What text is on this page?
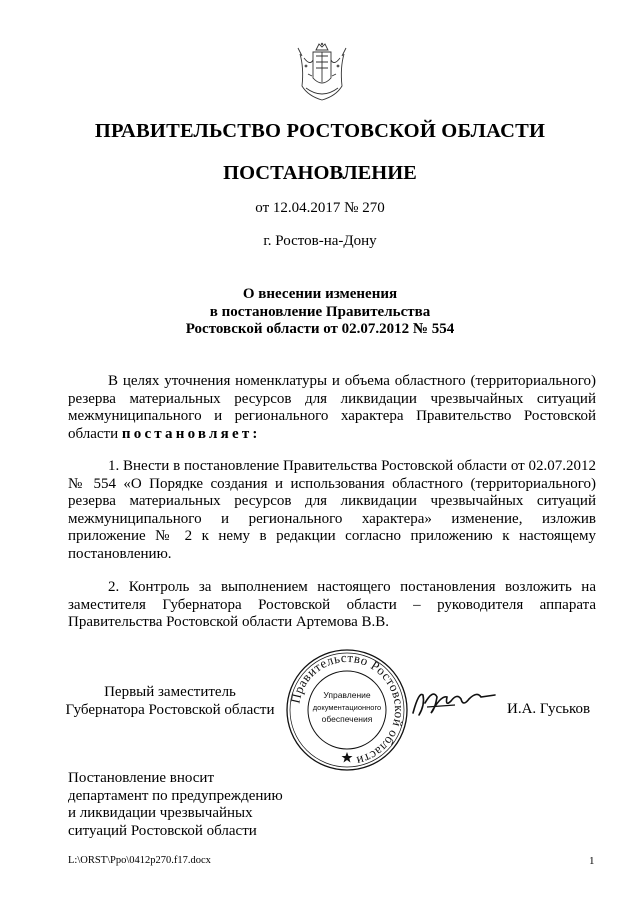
ПРАВИТЕЛЬСТВО РОСТОВСКОЙ ОБЛАСТИ
ПОСТАНОВЛЕНИЕ
от 12.04.2017 № 270
г. Ростов-на-Дону
О внесении изменения
в постановление Правительства
Ростовской области от 02.07.2012 № 554
В целях уточнения номенклатуры и объема областного (территориального) резерва материальных ресурсов для ликвидации чрезвычайных ситуаций межмуниципального и регионального характера Правительство Ростовской области постановляет:
1. Внести в постановление Правительства Ростовской области от 02.07.2012 № 554 «О Порядке создания и использования областного (территориального) резерва материальных ресурсов для ликвидации чрезвычайных ситуаций межмуниципального и регионального характера» изменение, изложив приложение № 2 к нему в редакции согласно приложению к настоящему постановлению.
2. Контроль за выполнением настоящего постановления возложить на заместителя Губернатора Ростовской области – руководителя аппарата Правительства Ростовской области Артемова В.В.
Первый заместитель
Губернатора Ростовской области
Правительство Ростовской области
Управление
документационного
обеспечения
И.А. Гуськов
Постановление вносит
департамент по предупреждению
и ликвидации чрезвычайных
ситуаций Ростовской области
L:\ORST\Ppo\0412p270.f17.docx	1
